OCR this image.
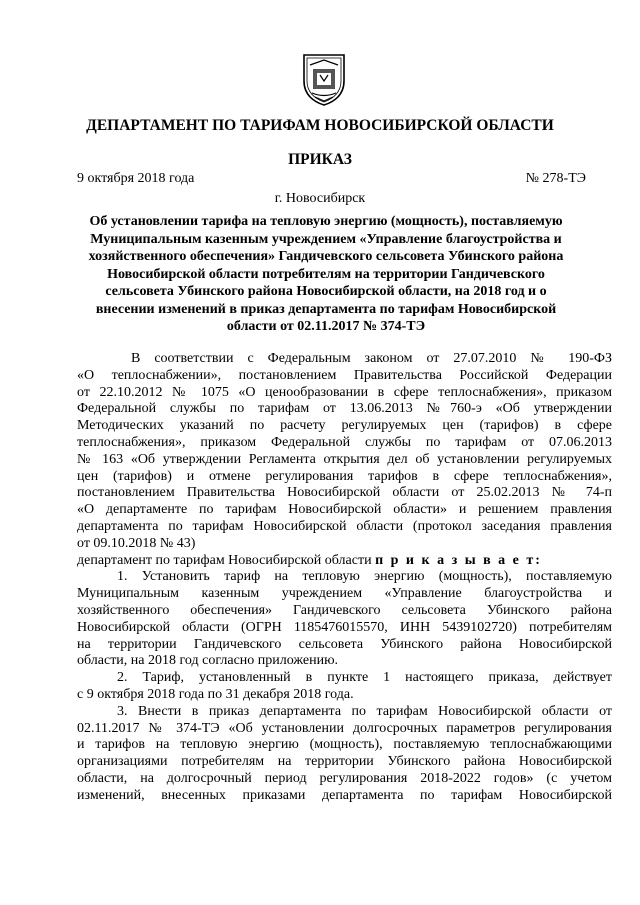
ДЕПАРТАМЕНТ ПО ТАРИФАМ НОВОСИБИРСКОЙ ОБЛАСТИ
ПРИКАЗ
9 октября 2018 года	№ 278-ТЭ
г. Новосибирск

Об установлении тарифа на тепловую энергию (мощность), поставляемую

Муниципальным казенным учреждением «Управление благоустройства и

хозяйственного обеспечения» Гандичевского сельсовета Убинского района

Новосибирской области потребителям на территории Гандичевского

сельсовета Убинского района Новосибирской области, на 2018 год и о

внесении изменений в приказ департамента по тарифам Новосибирской

области от 02.11.2017 № 374-ТЭ

В соответствии с Федеральным законом от 27.07.2010 № 190-ФЗ

«О теплоснабжении», постановлением Правительства Российской Федерации

от 22.10.2012 № 1075 «О ценообразовании в сфере теплоснабжения», приказом

Федеральной службы по тарифам от 13.06.2013 №760-э «Об утверждении

Методических указаний по расчету регулируемых цен (тарифов) в сфере

теплоснабжения», приказом Федеральной службы по тарифам от 07.06.2013

№ 163 «Об утверждении Регламента открытия дел об установлении регулируемых

цен (тарифов) и отмене регулирования тарифов в сфере теплоснабжения»,

постановлением Правительства Новосибирской области от 25.02.2013 № 74-п

«О департаменте по тарифам Новосибирской области» и решением правления

департамента по тарифам Новосибирской области (протокол заседания правления

от 09.10.2018 № 43)

департамент по тарифам Новосибирской области п р и к а з ы в а е т:

1. Установить тариф на тепловую энергию (мощность), поставляемую

Муниципальным казенным учреждением «Управление благоустройства и

хозяйственного обеспечения» Гандичевского сельсовета Убинского района

Новосибирской области (ОГРН 1185476015570, ИНН 5439102720) потребителям

на территории Гандичевского сельсовета Убинского района Новосибирской

области, на 2018 год согласно приложению.

2. Тариф, установленный в пункте 1 настоящего приказа, действует

с 9 октября 2018 года по 31 декабря 2018 года.

3. Внести в приказ департамента по тарифам Новосибирской области от

02.11.2017 № 374-ТЭ «Об установлении долгосрочных параметров регулирования

и тарифов на тепловую энергию (мощность), поставляемую теплоснабжающими

организациями потребителям на территории Убинского района Новосибирской

области, на долгосрочный период регулирования 2018-2022 годов» (с учетом

изменений, внесенных приказами департамента по тарифам Новосибирской
